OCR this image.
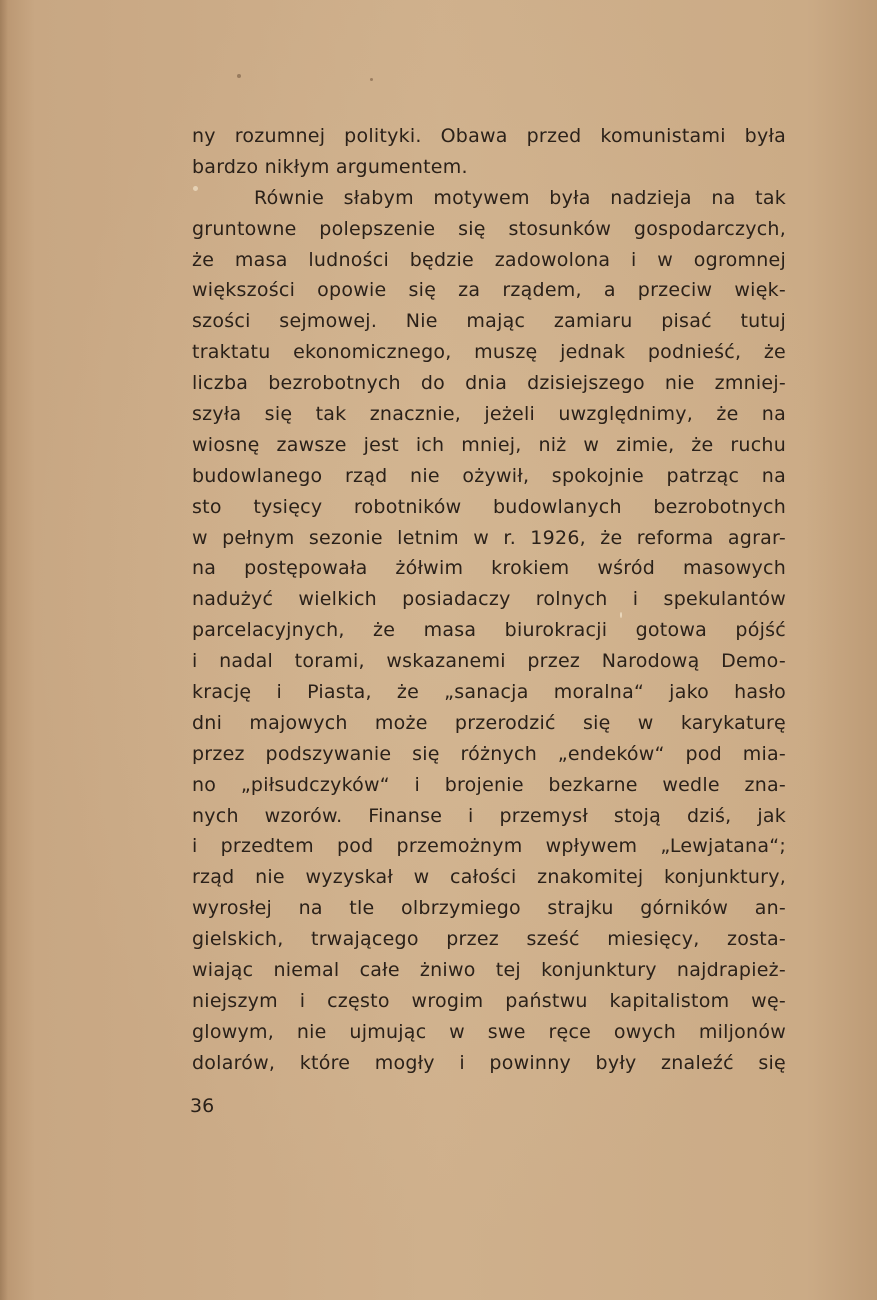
ny rozumnej polityki. Obawa przed komunistami była
bardzo nikłym argumentem.
Równie słabym motywem była nadzieja na tak
gruntowne polepszenie się stosunków gospodarczych,
że masa ludności będzie zadowolona i w ogromnej
większości opowie się za rządem, a przeciw więk-
szości sejmowej. Nie mając zamiaru pisać tutuj
traktatu ekonomicznego, muszę jednak podnieść, że
liczba bezrobotnych do dnia dzisiejszego nie zmniej-
szyła się tak znacznie, jeżeli uwzględnimy, że na
wiosnę zawsze jest ich mniej, niż w zimie, że ruchu
budowlanego rząd nie ożywił, spokojnie patrząc na
sto tysięcy robotników budowlanych bezrobotnych
w pełnym sezonie letnim w r. 1926, że reforma agrar-
na postępowała żółwim krokiem wśród masowych
nadużyć wielkich posiadaczy rolnych i spekulantów
parcelacyjnych, że masa biurokracji gotowa pójść
i nadal torami, wskazanemi przez Narodową Demo-
krację i Piasta, że „sanacja moralna“ jako hasło
dni majowych może przerodzić się w karykaturę
przez podszywanie się różnych „endeków“ pod mia-
no „piłsudczyków“ i brojenie bezkarne wedle zna-
nych wzorów. Finanse i przemysł stoją dziś, jak
i przedtem pod przemożnym wpływem „Lewjatana“;
rząd nie wyzyskał w całości znakomitej konjunktury,
wyrosłej na tle olbrzymiego strajku górników an-
gielskich, trwającego przez sześć miesięcy, zosta-
wiając niemal całe żniwo tej konjunktury najdrapież-
niejszym i często wrogim państwu kapitalistom wę-
glowym, nie ujmując w swe ręce owych miljonów
dolarów, które mogły i powinny były znaleźć się
36
